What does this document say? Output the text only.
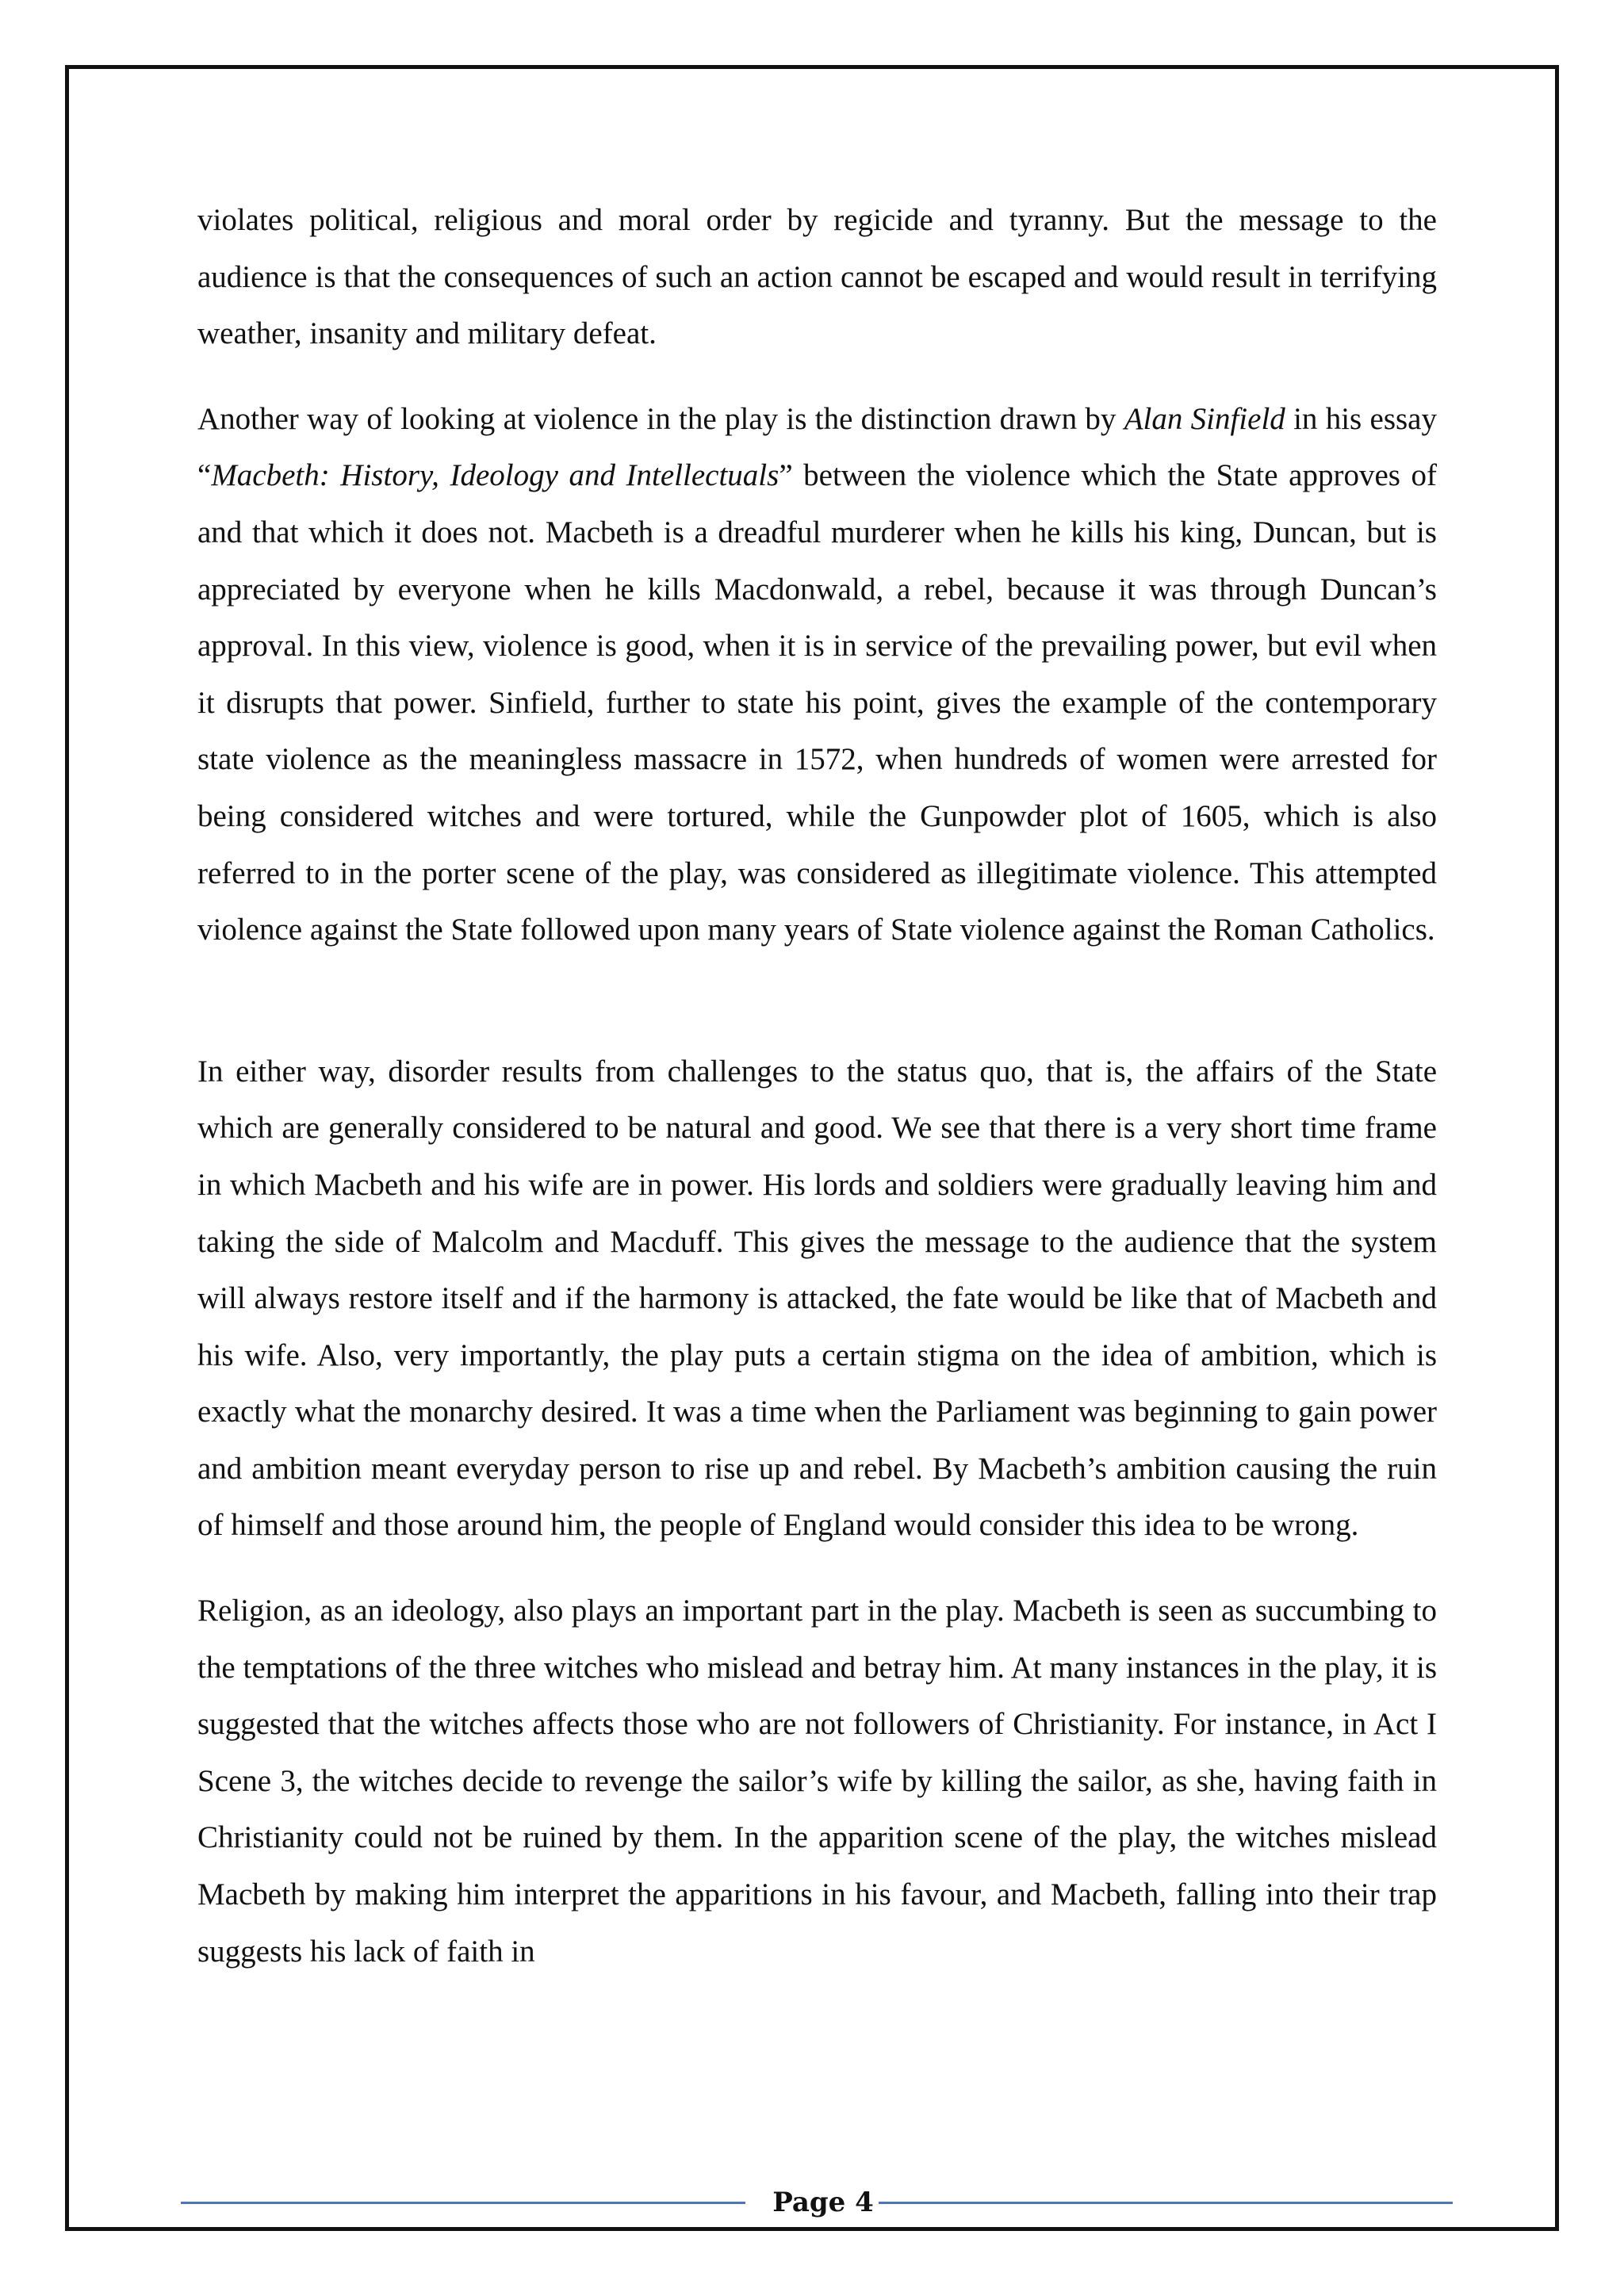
violates political, religious and moral order by regicide and tyranny. But the message to the audience is that the consequences of such an action cannot be escaped and would result in terrifying weather, insanity and military defeat.

Another way of looking at violence in the play is the distinction drawn by Alan Sinfield in his essay “Macbeth: History, Ideology and Intellectuals” between the violence which the State approves of and that which it does not. Macbeth is a dreadful murderer when he kills his king, Duncan, but is appreciated by everyone when he kills Macdonwald, a rebel, because it was through Duncan’s approval. In this view, violence is good, when it is in service of the prevailing power, but evil when it disrupts that power. Sinfield, further to state his point, gives the example of the contemporary state violence as the meaningless massacre in 1572, when hundreds of women were arrested for being considered witches and were tortured, while the Gunpowder plot of 1605, which is also referred to in the porter scene of the play, was considered as illegitimate violence. This attempted violence against the State followed upon many years of State violence against the Roman Catholics.

In either way, disorder results from challenges to the status quo, that is, the affairs of the State which are generally considered to be natural and good. We see that there is a very short time frame in which Macbeth and his wife are in power. His lords and soldiers were gradually leaving him and taking the side of Malcolm and Macduff. This gives the message to the audience that the system will always restore itself and if the harmony is attacked, the fate would be like that of Macbeth and his wife. Also, very importantly, the play puts a certain stigma on the idea of ambition, which is exactly what the monarchy desired. It was a time when the Parliament was beginning to gain power and ambition meant everyday person to rise up and rebel. By Macbeth’s ambition causing the ruin of himself and those around him, the people of England would consider this idea to be wrong.

Religion, as an ideology, also plays an important part in the play. Macbeth is seen as succumbing to the temptations of the three witches who mislead and betray him. At many instances in the play, it is suggested that the witches affects those who are not followers of Christianity. For instance, in Act I Scene 3, the witches decide to revenge the sailor’s wife by killing the sailor, as she, having faith in Christianity could not be ruined by them. In the apparition scene of the play, the witches mislead Macbeth by making him interpret the apparitions in his favour, and Macbeth, falling into their trap suggests his lack of faith in

Page 4
